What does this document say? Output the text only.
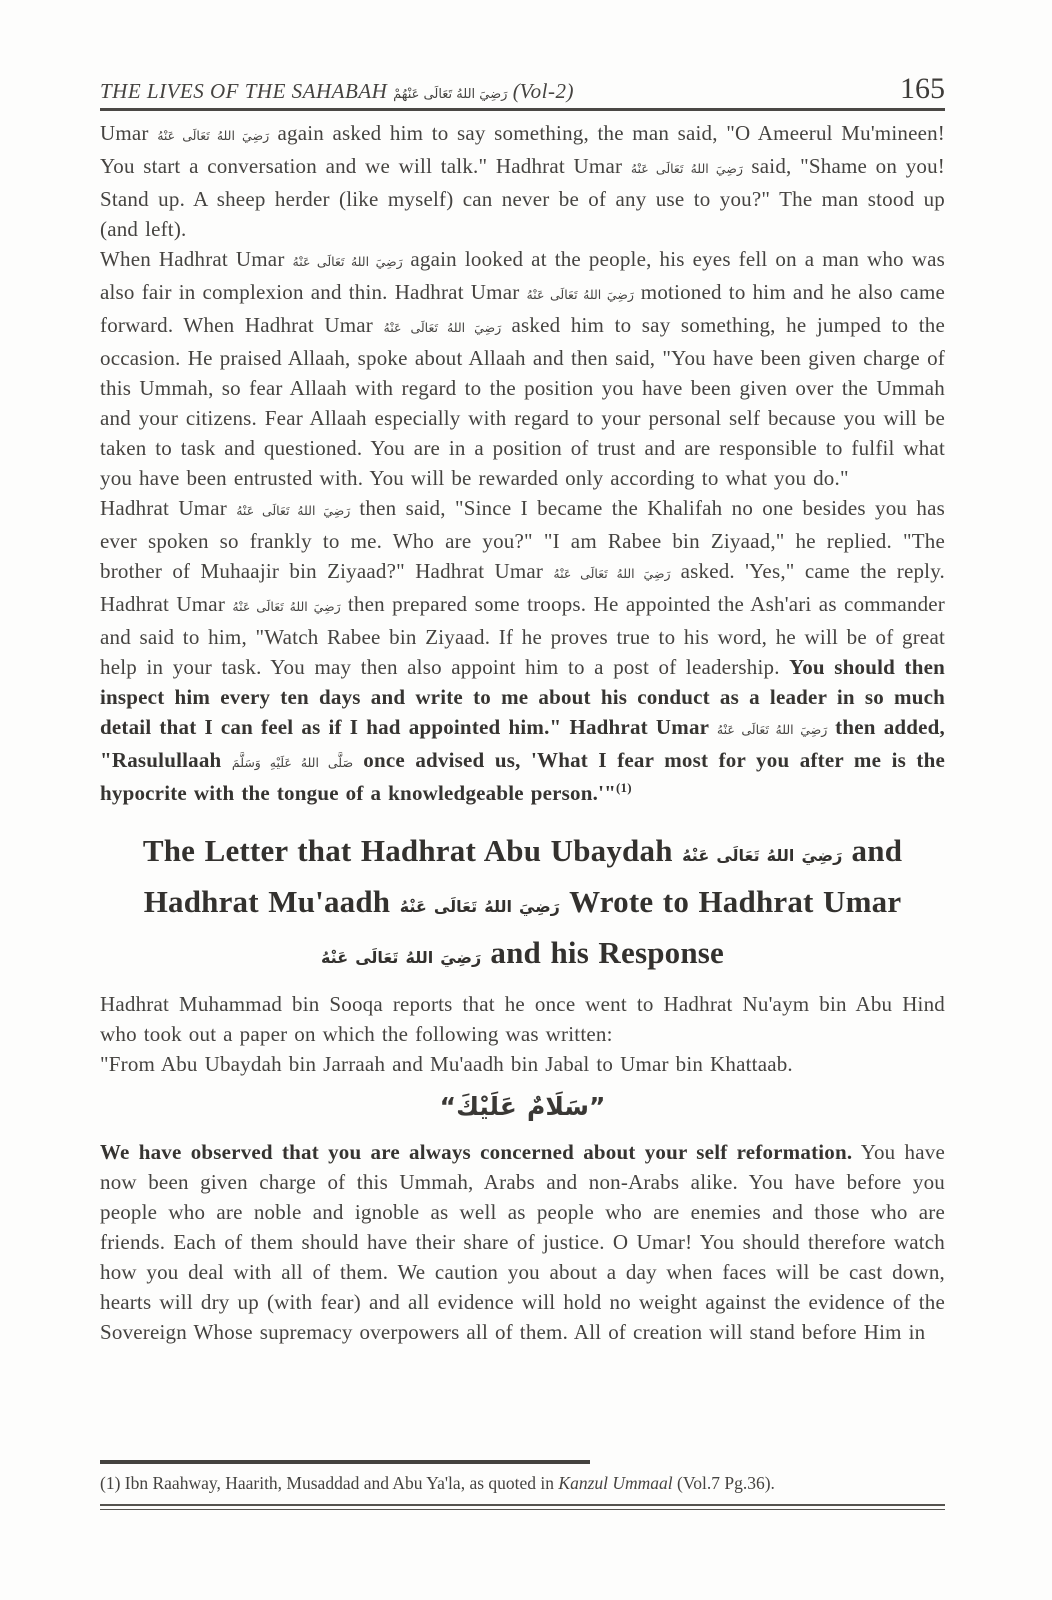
THE LIVES OF THE SAHABAH رَضِيَ اللهُ تَعَالَى عَنْهُمْ (Vol-2)	165

Umar رَضِيَ اللهُ تَعَالَى عَنْهُ again asked him to say something, the man said, "O Ameerul Mu'mineen! You start a conversation and we will talk." Hadhrat Umar رَضِيَ اللهُ تَعَالَى عَنْهُ said, "Shame on you! Stand up. A sheep herder (like myself) can never be of any use to you?" The man stood up (and left).

When Hadhrat Umar رَضِيَ اللهُ تَعَالَى عَنْهُ again looked at the people, his eyes fell on a man who was also fair in complexion and thin. Hadhrat Umar رَضِيَ اللهُ تَعَالَى عَنْهُ motioned to him and he also came forward. When Hadhrat Umar رَضِيَ اللهُ تَعَالَى عَنْهُ asked him to say something, he jumped to the occasion. He praised Allaah, spoke about Allaah and then said, "You have been given charge of this Ummah, so fear Allaah with regard to the position you have been given over the Ummah and your citizens. Fear Allaah especially with regard to your personal self because you will be taken to task and questioned. You are in a position of trust and are responsible to fulfil what you have been entrusted with. You will be rewarded only according to what you do."

Hadhrat Umar رَضِيَ اللهُ تَعَالَى عَنْهُ then said, "Since I became the Khalifah no one besides you has ever spoken so frankly to me. Who are you?" "I am Rabee bin Ziyaad," he replied. "The brother of Muhaajir bin Ziyaad?" Hadhrat Umar رَضِيَ اللهُ تَعَالَى عَنْهُ asked. 'Yes," came the reply. Hadhrat Umar رَضِيَ اللهُ تَعَالَى عَنْهُ then prepared some troops. He appointed the Ash'ari as commander and said to him, "Watch Rabee bin Ziyaad. If he proves true to his word, he will be of great help in your task. You may then also appoint him to a post of leadership. You should then inspect him every ten days and write to me about his conduct as a leader in so much detail that I can feel as if I had appointed him." Hadhrat Umar رَضِيَ اللهُ تَعَالَى عَنْهُ then added, "Rasulullaah صَلَّى اللهُ عَلَيْهِ وَسَلَّمَ once advised us, 'What I fear most for you after me is the hypocrite with the tongue of a knowledgeable person.'"$^{(1)}$

The Letter that Hadhrat Abu Ubaydah رَضِيَ اللهُ تَعَالَى عَنْهُ and
Hadhrat Mu'aadh رَضِيَ اللهُ تَعَالَى عَنْهُ Wrote to Hadhrat Umar
رَضِيَ اللهُ تَعَالَى عَنْهُ and his Response

Hadhrat Muhammad bin Sooqa reports that he once went to Hadhrat Nu'aym bin Abu Hind who took out a paper on which the following was written:

"From Abu Ubaydah bin Jarraah and Mu'aadh bin Jabal to Umar bin Khattaab.

“سَلَامٌ عَلَيْكَ”

We have observed that you are always concerned about your self reformation. You have now been given charge of this Ummah, Arabs and non-Arabs alike. You have before you people who are noble and ignoble as well as people who are enemies and those who are friends. Each of them should have their share of justice. O Umar! You should therefore watch how you deal with all of them. We caution you about a day when faces will be cast down, hearts will dry up (with fear) and all evidence will hold no weight against the evidence of the Sovereign Whose supremacy overpowers all of them. All of creation will stand before Him in

(1) Ibn Raahway, Haarith, Musaddad and Abu Ya'la, as quoted in Kanzul Ummaal (Vol.7 Pg.36).
